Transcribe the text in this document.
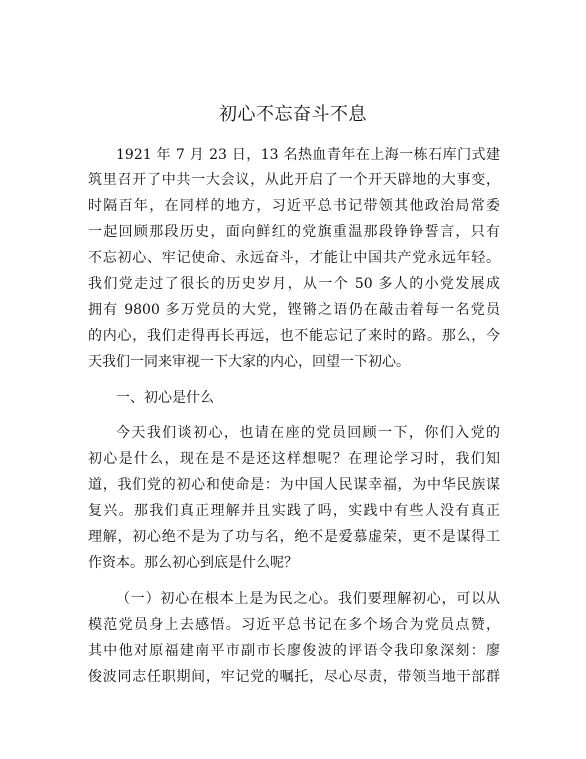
初心不忘奋斗不息
1921 年 7 月 23 日，13 名热血青年在上海一栋石库门式建
筑里召开了中共一大会议，从此开启了一个开天辟地的大事变，
时隔百年，在同样的地方，习近平总书记带领其他政治局常委
一起回顾那段历史，面向鲜红的党旗重温那段铮铮誓言，只有
不忘初心、牢记使命、永远奋斗，才能让中国共产党永远年轻。
我们党走过了很长的历史岁月，从一个 50 多人的小党发展成
拥有 9800 多万党员的大党，铿锵之语仍在敲击着每一名党员
的内心，我们走得再长再远，也不能忘记了来时的路。那么，今
天我们一同来审视一下大家的内心，回望一下初心。
一、初心是什么
今天我们谈初心，也请在座的党员回顾一下，你们入党的
初心是什么，现在是不是还这样想呢？在理论学习时，我们知
道，我们党的初心和使命是：为中国人民谋幸福，为中华民族谋
复兴。那我们真正理解并且实践了吗，实践中有些人没有真正
理解，初心绝不是为了功与名，绝不是爱慕虚荣，更不是谋得工
作资本。那么初心到底是什么呢？
（一）初心在根本上是为民之心。我们要理解初心，可以从
模范党员身上去感悟。习近平总书记在多个场合为党员点赞，
其中他对原福建南平市副市长廖俊波的评语令我印象深刻：廖
俊波同志任职期间，牢记党的嘱托，尽心尽责，带领当地干部群
